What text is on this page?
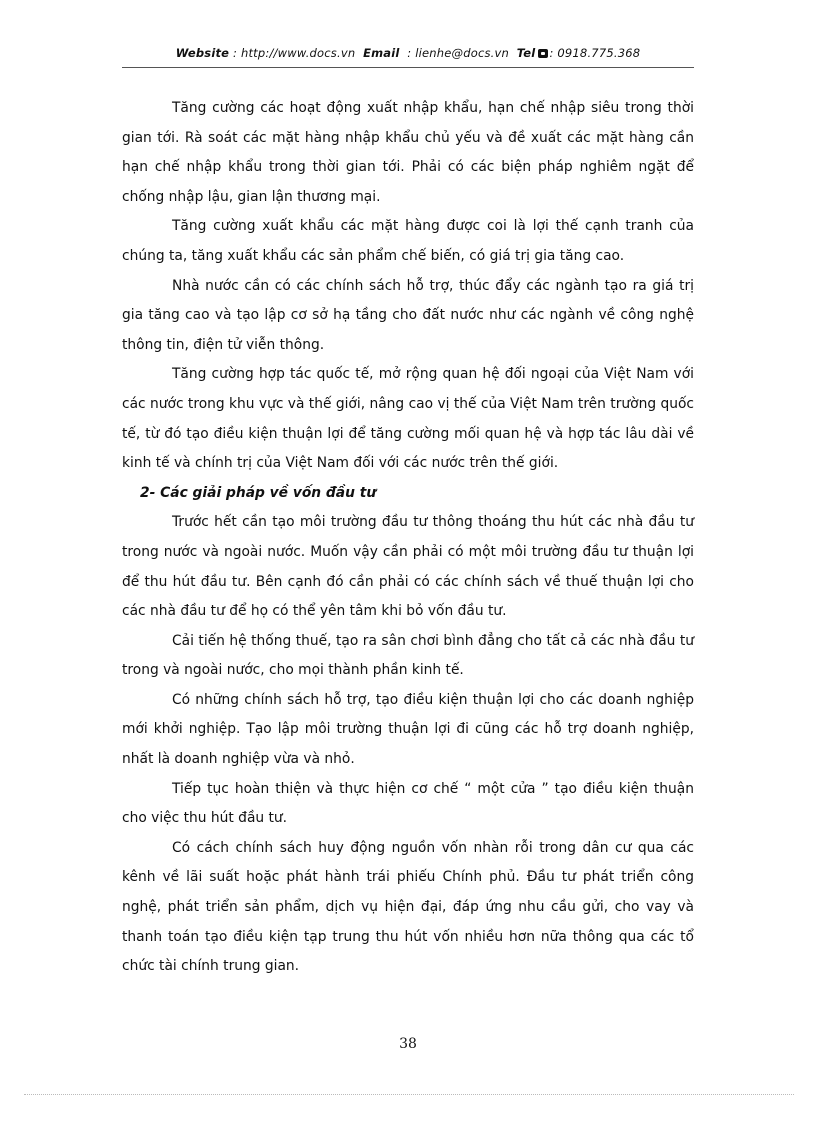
Website : http://www.docs.vn Email : lienhe@docs.vn Tel : 0918.775.368

Tăng cường các hoạt động xuất nhập khẩu, hạn chế nhập siêu trong thời gian tới. Rà soát các mặt hàng nhập khẩu chủ yếu và đề xuất các mặt hàng cần hạn chế nhập khẩu trong thời gian tới. Phải có các biện pháp nghiêm ngặt để chống nhập lậu, gian lận thương mại.

Tăng cường xuất khẩu các mặt hàng được coi là lợi thế cạnh tranh của chúng ta, tăng xuất khẩu các sản phẩm chế biến, có giá trị gia tăng cao.

Nhà nước cần có các chính sách hỗ trợ, thúc đẩy các ngành tạo ra giá trị gia tăng cao và tạo lập cơ sở hạ tầng cho đất nước như các ngành về công nghệ thông tin, điện tử viễn thông.

Tăng cường hợp tác quốc tế, mở rộng quan hệ đối ngoại của Việt Nam với các nước trong khu vực và thế giới, nâng cao vị thế của Việt Nam trên trường quốc tế, từ đó tạo điều kiện thuận lợi để tăng cường mối quan hệ và hợp tác lâu dài về kinh tế và chính trị của Việt Nam đối với các nước trên thế giới.

2- Các giải pháp về vốn đầu tư

Trước hết cần tạo môi trường đầu tư thông thoáng thu hút các nhà đầu tư trong nước và ngoài nước. Muốn vậy cần phải có một môi trường đầu tư thuận lợi để thu hút đầu tư. Bên cạnh đó cần phải có các chính sách về thuế thuận lợi cho các nhà đầu tư để họ có thể yên tâm khi bỏ vốn đầu tư.

Cải tiến hệ thống thuế, tạo ra sân chơi bình đẳng cho tất cả các nhà đầu tư trong và ngoài nước, cho mọi thành phần kinh tế.

Có những chính sách hỗ trợ, tạo điều kiện thuận lợi cho các doanh nghiệp mới khởi nghiệp. Tạo lập môi trường thuận lợi đi cũng các hỗ trợ doanh nghiệp, nhất là doanh nghiệp vừa và nhỏ.

Tiếp tục hoàn thiện và thực hiện cơ chế “ một cửa ” tạo điều kiện thuận cho việc thu hút đầu tư.

Có cách chính sách huy động nguồn vốn nhàn rỗi trong dân cư qua các kênh về lãi suất hoặc phát hành trái phiếu Chính phủ. Đầu tư phát triển công nghệ, phát triển sản phẩm, dịch vụ hiện đại, đáp ứng nhu cầu gửi, cho vay và thanh toán tạo điều kiện tạp trung thu hút vốn nhiều hơn nữa thông qua các tổ chức tài chính trung gian.

38
